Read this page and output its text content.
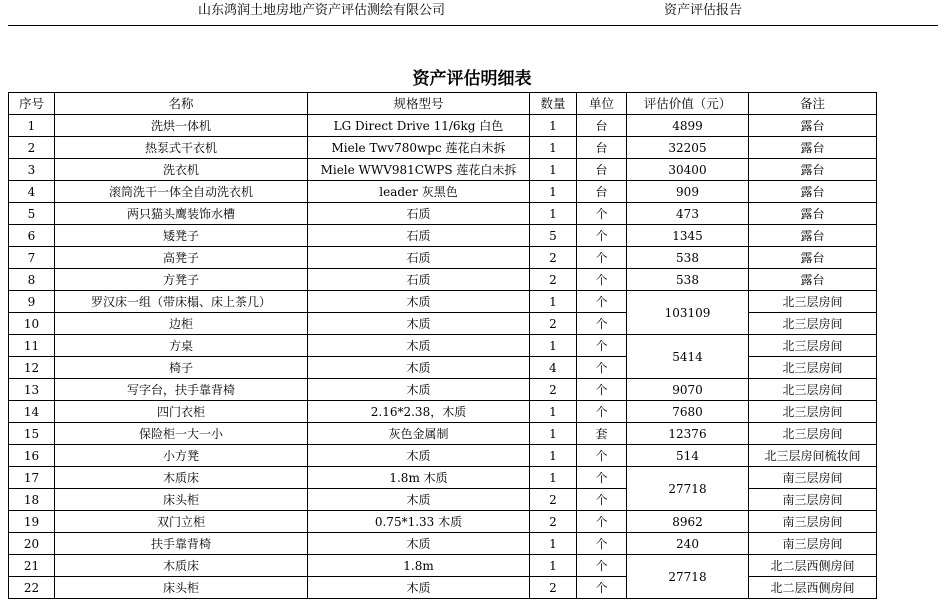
山东鸿润土地房地产资产评估测绘有限公司	资产评估报告
资产评估明细表
序号	名称	规格型号	数量	单位	评估价值（元）	备注
1	洗烘一体机	LG Direct Drive 11/6kg 白色	1	台	4899	露台
2	热泵式干衣机	Miele Twv780wpc 莲花白未拆	1	台	32205	露台
3	洗衣机	Miele WWV981CWPS 莲花白未拆	1	台	30400	露台
4	滚筒洗干一体全自动洗衣机	leader 灰黑色	1	台	909	露台
5	两只猫头鹰装饰水槽	石质	1	个	473	露台
6	矮凳子	石质	5	个	1345	露台
7	高凳子	石质	2	个	538	露台
8	方凳子	石质	2	个	538	露台
9	罗汉床一组（带床榻、床上茶几）	木质	1	个	103109	北三层房间
10	边柜	木质	2	个		北三层房间
11	方桌	木质	1	个	5414	北三层房间
12	椅子	木质	4	个		北三层房间
13	写字台，扶手靠背椅	木质	2	个	9070	北三层房间
14	四门衣柜	2.16*2.38，木质	1	个	7680	北三层房间
15	保险柜一大一小	灰色金属制	1	套	12376	北三层房间
16	小方凳	木质	1	个	514	北三层房间梳妆间
17	木质床	1.8m 木质	1	个	27718	南三层房间
18	床头柜	木质	2	个		南三层房间
19	双门立柜	0.75*1.33 木质	2	个	8962	南三层房间
20	扶手靠背椅	木质	1	个	240	南三层房间
21	木质床	1.8m	1	个	27718	北二层西侧房间
22	床头柜	木质	2	个		北二层西侧房间
